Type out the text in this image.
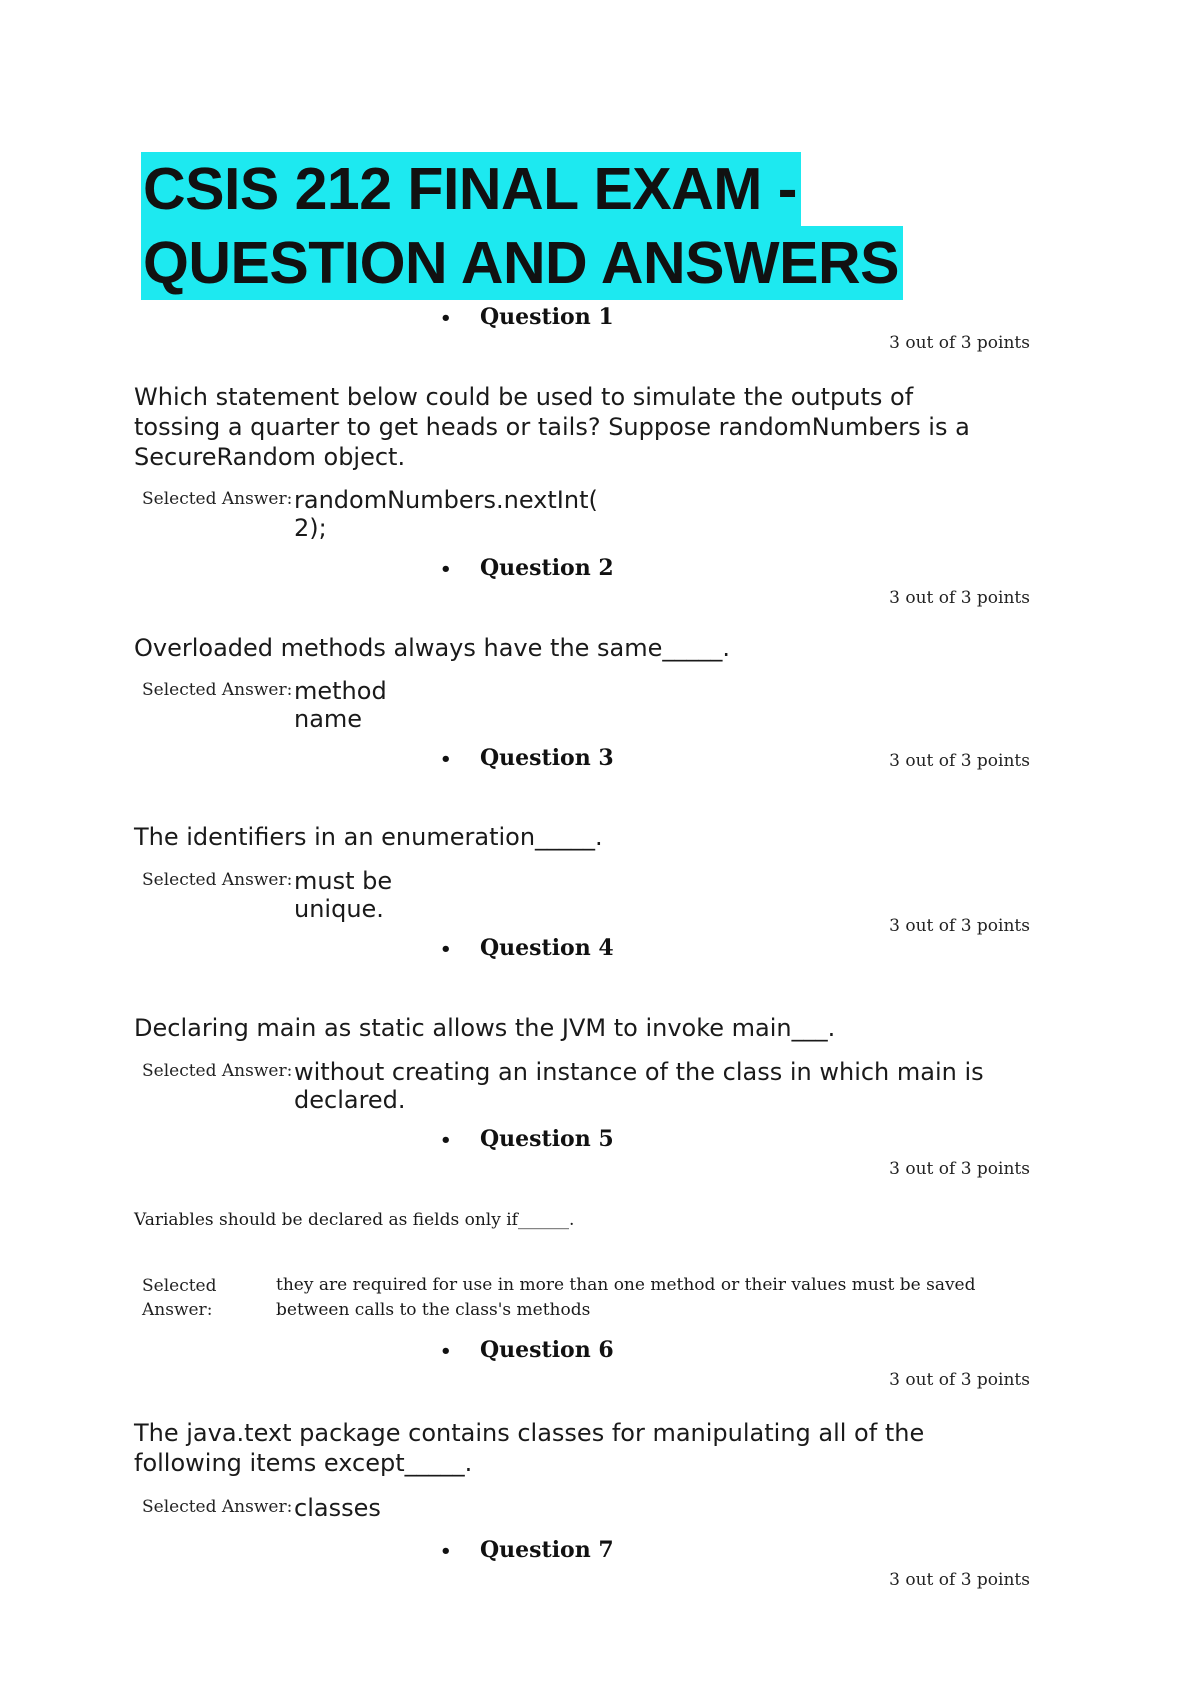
CSIS 212 FINAL EXAM -
QUESTION AND ANSWERS
• Question 1
3 out of 3 points

Which statement below could be used to simulate the outputs of tossing a quarter to get heads or tails? Suppose randomNumbers is a SecureRandom object.

Selected Answer: randomNumbers.nextInt( 2);
• Question 2
3 out of 3 points

Overloaded methods always have the same_____.

Selected Answer: method name
• Question 3	3 out of 3 points

The identifiers in an enumeration_____.

Selected Answer: must be unique.
• Question 4
3 out of 3 points

Declaring main as static allows the JVM to invoke main___.

Selected Answer: without creating an instance of the class in which main is declared.
• Question 5
3 out of 3 points

Variables should be declared as fields only if______.

Selected Answer:
they are required for use in more than one method or their values must be saved between calls to the class's methods
• Question 6
3 out of 3 points

The java.text package contains classes for manipulating all of the following items except_____.

Selected Answer: classes
• Question 7
3 out of 3 points
